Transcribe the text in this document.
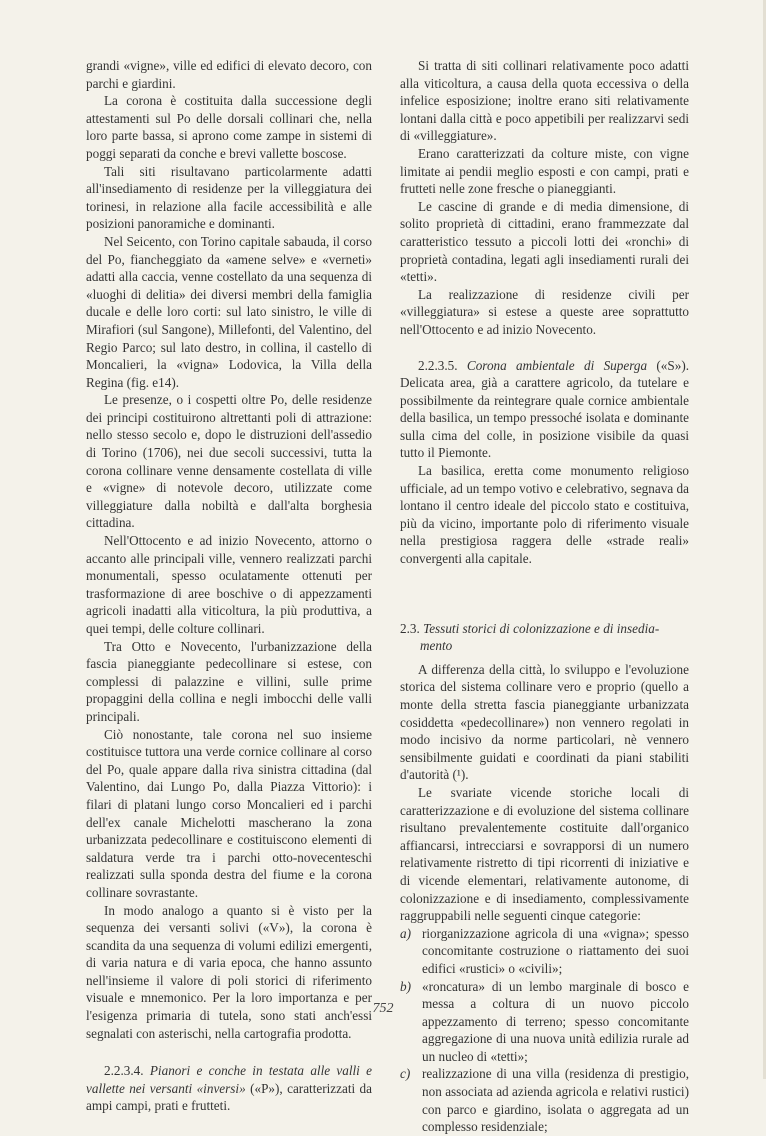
grandi «vigne», ville ed edifici di elevato decoro, con parchi e giardini.

La corona è costituita dalla successione degli attestamenti sul Po delle dorsali collinari che, nella loro parte bassa, si aprono come zampe in sistemi di poggi separati da conche e brevi vallette boscose.

Tali siti risultavano particolarmente adatti all'insediamento di residenze per la villeggiatura dei torinesi, in relazione alla facile accessibilità e alle posizioni panoramiche e dominanti.

Nel Seicento, con Torino capitale sabauda, il corso del Po, fiancheggiato da «amene selve» e «verneti» adatti alla caccia, venne costellato da una sequenza di «luoghi di delitia» dei diversi membri della famiglia ducale e delle loro corti: sul lato sinistro, le ville di Mirafiori (sul Sangone), Millefonti, del Valentino, del Regio Parco; sul lato destro, in collina, il castello di Moncalieri, la «vigna» Lodovica, la Villa della Regina (fig. e14).

Le presenze, o i cospetti oltre Po, delle residenze dei principi costituirono altrettanti poli di attrazione: nello stesso secolo e, dopo le distruzioni dell'assedio di Torino (1706), nei due secoli successivi, tutta la corona collinare venne densamente costellata di ville e «vigne» di notevole decoro, utilizzate come villeggiature dalla nobiltà e dall'alta borghesia cittadina.

Nell'Ottocento e ad inizio Novecento, attorno o accanto alle principali ville, vennero realizzati parchi monumentali, spesso oculatamente ottenuti per trasformazione di aree boschive o di appezzamenti agricoli inadatti alla viticoltura, la più produttiva, a quei tempi, delle colture collinari.

Tra Otto e Novecento, l'urbanizzazione della fascia pianeggiante pedecollinare si estese, con complessi di palazzine e villini, sulle prime propaggini della collina e negli imbocchi delle valli principali.

Ciò nonostante, tale corona nel suo insieme costituisce tuttora una verde cornice collinare al corso del Po, quale appare dalla riva sinistra cittadina (dal Valentino, dai Lungo Po, dalla Piazza Vittorio): i filari di platani lungo corso Moncalieri ed i parchi dell'ex canale Michelotti mascherano la zona urbanizzata pedecollinare e costituiscono elementi di saldatura verde tra i parchi otto-novecenteschi realizzati sulla sponda destra del fiume e la corona collinare sovrastante.

In modo analogo a quanto si è visto per la sequenza dei versanti solivi («V»), la corona è scandita da una sequenza di volumi edilizi emergenti, di varia natura e di varia epoca, che hanno assunto nell'insieme il valore di poli storici di riferimento visuale e mnemonico. Per la loro importanza e per l'esigenza primaria di tutela, sono stati anch'essi segnalati con asterischi, nella cartografia prodotta.

2.2.3.4. Pianori e conche in testata alle valli e vallette nei versanti «inversi» («P»), caratterizzati da ampi campi, prati e frutteti.

Si tratta di siti collinari relativamente poco adatti alla viticoltura, a causa della quota eccessiva o della infelice esposizione; inoltre erano siti relativamente lontani dalla città e poco appetibili per realizzarvi sedi di «villeggiature».

Erano caratterizzati da colture miste, con vigne limitate ai pendii meglio esposti e con campi, prati e frutteti nelle zone fresche o pianeggianti.

Le cascine di grande e di media dimensione, di solito proprietà di cittadini, erano frammezzate dal caratteristico tessuto a piccoli lotti dei «ronchi» di proprietà contadina, legati agli insediamenti rurali dei «tetti».

La realizzazione di residenze civili per «villeggiatura» si estese a queste aree soprattutto nell'Ottocento e ad inizio Novecento.

2.2.3.5. Corona ambientale di Superga («S»). Delicata area, già a carattere agricolo, da tutelare e possibilmente da reintegrare quale cornice ambientale della basilica, un tempo pressoché isolata e dominante sulla cima del colle, in posizione visibile da quasi tutto il Piemonte.

La basilica, eretta come monumento religioso ufficiale, ad un tempo votivo e celebrativo, segnava da lontano il centro ideale del piccolo stato e costituiva, più da vicino, importante polo di riferimento visuale nella prestigiosa raggera delle «strade reali» convergenti alla capitale.

2.3. Tessuti storici di colonizzazione e di insedia-
mento

A differenza della città, lo sviluppo e l'evoluzione storica del sistema collinare vero e proprio (quello a monte della stretta fascia pianeggiante urbanizzata cosiddetta «pedecollinare») non vennero regolati in modo incisivo da norme particolari, nè vennero sensibilmente guidati e coordinati da piani stabiliti d'autorità (¹).

Le svariate vicende storiche locali di caratterizzazione e di evoluzione del sistema collinare risultano prevalentemente costituite dall'organico affiancarsi, intrecciarsi e sovrapporsi di un numero relativamente ristretto di tipi ricorrenti di iniziative e di vicende elementari, relativamente autonome, di colonizzazione e di insediamento, complessivamente raggruppabili nelle seguenti cinque categorie:

a) riorganizzazione agricola di una «vigna»; spesso concomitante costruzione o riattamento dei suoi edifici «rustici» o «civili»;

b) «roncatura» di un lembo marginale di bosco e messa a coltura di un nuovo piccolo appezzamento di terreno; spesso concomitante aggregazione di una nuova unità edilizia rurale ad un nucleo di «tetti»;

c) realizzazione di una villa (residenza di prestigio, non associata ad azienda agricola e relativi rustici) con parco e giardino, isolata o aggregata ad un complesso residenziale;

752
